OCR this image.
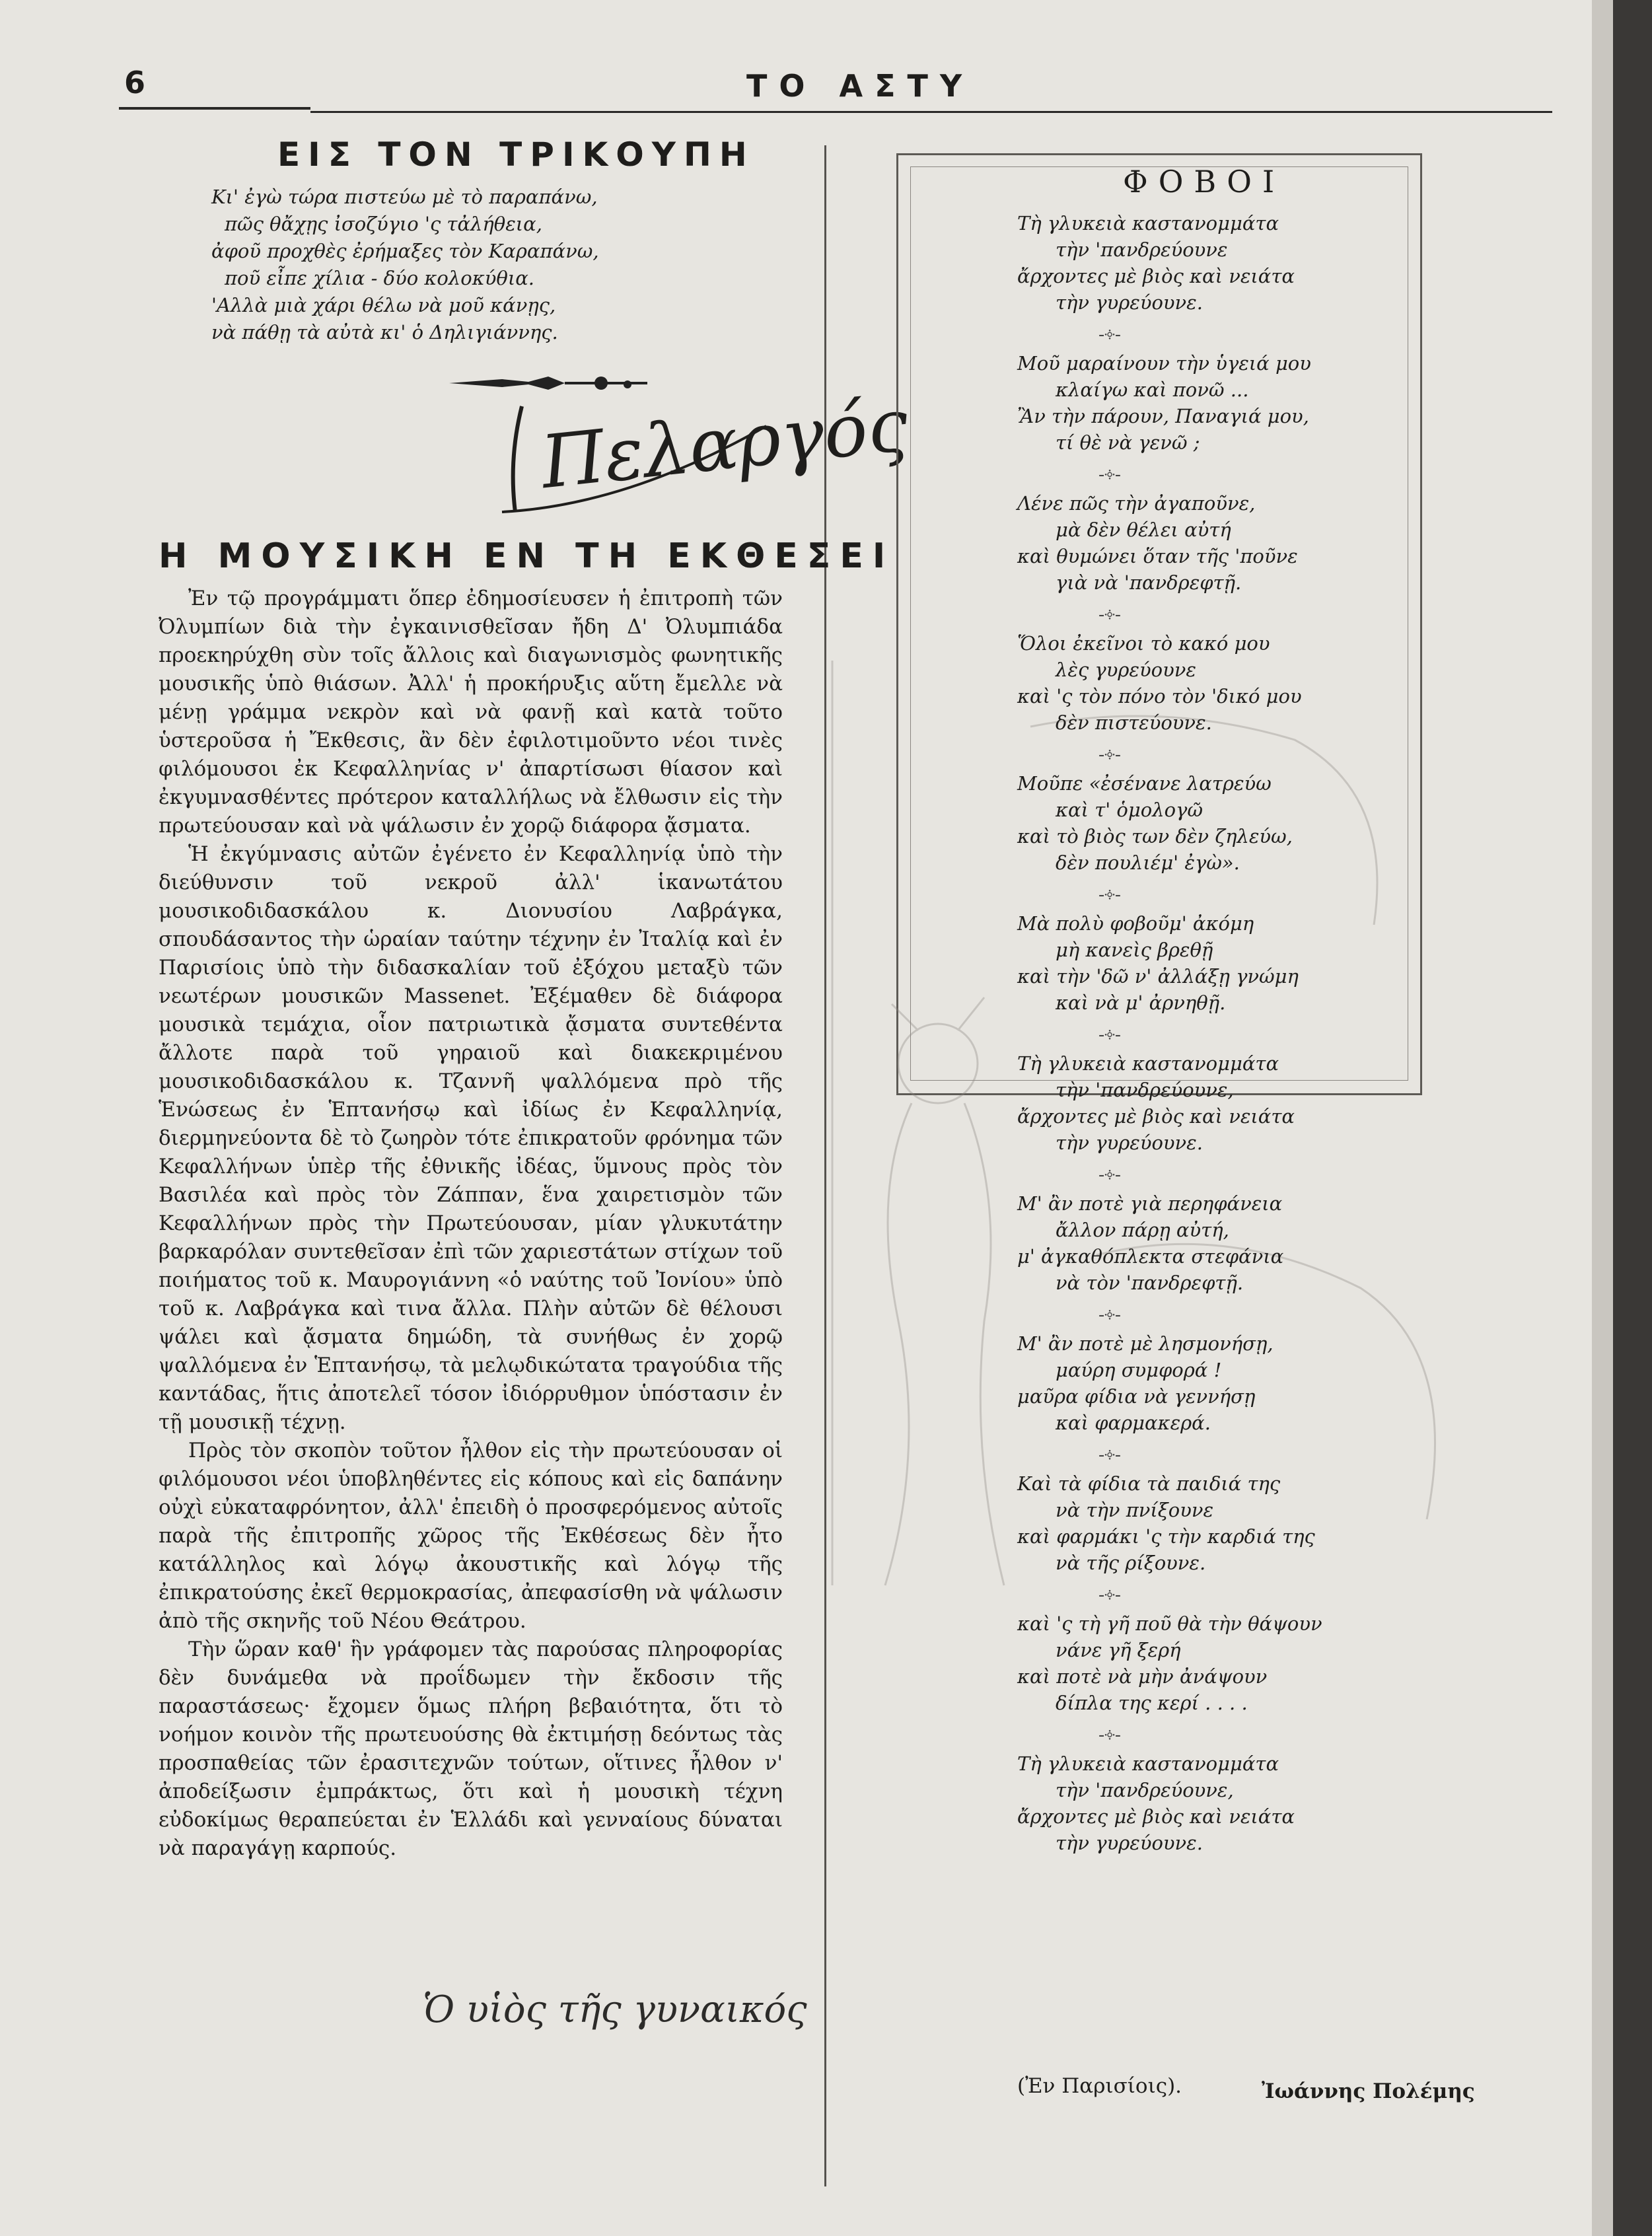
6	ΤΟ ΑΣΤΥ
ΕΙΣ ΤΟΝ ΤΡΙΚΟΥΠΗ
Κι' ἐγὼ τώρα πιστεύω μὲ τὸ παραπάνω,
πῶς θἄχῃς ἰσοζύγιο 'ς τἀλήθεια,
ἀφοῦ προχθὲς ἐρήμαξες τὸν Καραπάνω,
ποῦ εἶπε χίλια - δύο κολοκύθια.
'Αλλὰ μιὰ χάρι θέλω νὰ μοῦ κάνῃς,
νὰ πάθῃ τὰ αὐτὰ κι' ὁ Δηλιγιάννης.
Πελαργός
Η ΜΟΥΣΙΚΗ ΕΝ ΤΗ ΕΚΘΕΣΕΙ

Ἐν τῷ προγράμματι ὅπερ ἐδημοσίευσεν ἡ ἐπιτροπὴ τῶν Ὀλυμπίων διὰ τὴν ἐγκαινισθεῖσαν ἤδη Δ' Ὀλυμπιάδα προεκηρύχθη σὺν τοῖς ἄλλοις καὶ διαγωνισμὸς φωνητικῆς μουσικῆς ὑπὸ θιάσων. Ἀλλ' ἡ προκήρυξις αὕτη ἔμελλε νὰ μένῃ γράμμα νεκρὸν καὶ νὰ φανῇ καὶ κατὰ τοῦτο ὑστεροῦσα ἡ Ἔκθεσις, ἂν δὲν ἐφιλοτιμοῦντο νέοι τινὲς φιλόμουσοι ἐκ Κεφαλληνίας ν' ἀπαρτίσωσι θίασον καὶ ἐκγυμνασθέντες πρότερον καταλλήλως νὰ ἔλθωσιν εἰς τὴν πρωτεύουσαν καὶ νὰ ψάλωσιν ἐν χορῷ διάφορα ᾄσματα.

Ἡ ἐκγύμνασις αὐτῶν ἐγένετο ἐν Κεφαλληνίᾳ ὑπὸ τὴν διεύθυνσιν τοῦ νεκροῦ ἀλλ' ἱκανωτάτου μουσικοδιδασκάλου κ. Διονυσίου Λαβράγκα, σπουδάσαντος τὴν ὡραίαν ταύτην τέχνην ἐν Ἰταλίᾳ καὶ ἐν Παρισίοις ὑπὸ τὴν διδασκαλίαν τοῦ ἐξόχου μεταξὺ τῶν νεωτέρων μουσικῶν Massenet. Ἐξέμαθεν δὲ διάφορα μουσικὰ τεμάχια, οἷον πατριωτικὰ ᾄσματα συντεθέντα ἄλλοτε παρὰ τοῦ γηραιοῦ καὶ διακεκριμένου μουσικοδιδασκάλου κ. Τζαννῆ ψαλλόμενα πρὸ τῆς Ἑνώσεως ἐν Ἑπτανήσῳ καὶ ἰδίως ἐν Κεφαλληνίᾳ, διερμηνεύοντα δὲ τὸ ζωηρὸν τότε ἐπικρατοῦν φρόνημα τῶν Κεφαλλήνων ὑπὲρ τῆς ἐθνικῆς ἰδέας, ὕμνους πρὸς τὸν Βασιλέα καὶ πρὸς τὸν Ζάππαν, ἕνα χαιρετισμὸν τῶν Κεφαλλήνων πρὸς τὴν Πρωτεύουσαν, μίαν γλυκυτάτην βαρκαρόλαν συντεθεῖσαν ἐπὶ τῶν χαριεστάτων στίχων τοῦ ποιήματος τοῦ κ. Μαυρογιάννη «ὁ ναύτης τοῦ Ἰονίου» ὑπὸ τοῦ κ. Λαβράγκα καὶ τινα ἄλλα. Πλὴν αὐτῶν δὲ θέλουσι ψάλει καὶ ᾄσματα δημώδη, τὰ συνήθως ἐν χορῷ ψαλλόμενα ἐν Ἑπτανήσῳ, τὰ μελῳδικώτατα τραγούδια τῆς καντάδας, ἥτις ἀποτελεῖ τόσον ἰδιόρρυθμον ὑπόστασιν ἐν τῇ μουσικῇ τέχνῃ.

Πρὸς τὸν σκοπὸν τοῦτον ἦλθον εἰς τὴν πρωτεύουσαν οἱ φιλόμουσοι νέοι ὑποβληθέντες εἰς κόπους καὶ εἰς δαπάνην οὐχὶ εὐκαταφρόνητον, ἀλλ' ἐπειδὴ ὁ προσφερόμενος αὐτοῖς παρὰ τῆς ἐπιτροπῆς χῶρος τῆς Ἐκθέσεως δὲν ἦτο κατάλληλος καὶ λόγῳ ἀκουστικῆς καὶ λόγῳ τῆς ἐπικρατούσης ἐκεῖ θερμοκρασίας, ἀπεφασίσθη νὰ ψάλωσιν ἀπὸ τῆς σκηνῆς τοῦ Νέου Θεάτρου.

Τὴν ὥραν καθ' ἣν γράφομεν τὰς παρούσας πληροφορίας δὲν δυνάμεθα νὰ προΐδωμεν τὴν ἔκδοσιν τῆς παραστάσεως· ἔχομεν ὅμως πλήρη βεβαιότητα, ὅτι τὸ νοήμον κοινὸν τῆς πρωτευούσης θὰ ἐκτιμήσῃ δεόντως τὰς προσπαθείας τῶν ἐρασιτεχνῶν τούτων, οἵτινες ἦλθον ν' ἀποδείξωσιν ἐμπράκτως, ὅτι καὶ ἡ μουσικὴ τέχνη εὐδοκίμως θεραπεύεται ἐν Ἑλλάδι καὶ γενναίους δύναται νὰ παραγάγῃ καρπούς.

Ὁ υἱὸς τῆς γυναικός
ΦΟΒΟΙ
Τὴ γλυκειὰ καστανομμάτα
τὴν 'πανδρεύουνε
ἄρχοντες μὲ βιὸς καὶ νειάτα
τὴν γυρεύουνε.
-༓-
Μοῦ μαραίνουν τὴν ὑγειά μου
κλαίγω καὶ πονῶ ...
Ἂν τὴν πάρουν, Παναγιά μου,
τί θὲ νὰ γενῶ ;
-༓-
Λένε πῶς τὴν ἀγαποῦνε,
μὰ δὲν θέλει αὐτή
καὶ θυμώνει ὅταν τῆς 'ποῦνε
γιὰ νὰ 'πανδρεφτῇ.
-༓-
Ὅλοι ἐκεῖνοι τὸ κακό μου
λὲς γυρεύουνε
καὶ 'ς τὸν πόνο τὸν 'δικό μου
δὲν πιστεύουνε.
-༓-
Μοῦπε «ἐσένανε λατρεύω
καὶ τ' ὁμολογῶ
καὶ τὸ βιὸς των δὲν ζηλεύω,
δὲν πουλιέμ' ἐγὼ».
-༓-
Μὰ πολὺ φοβοῦμ' ἀκόμη
μὴ κανεὶς βρεθῇ
καὶ τὴν 'δῶ ν' ἀλλάξῃ γνώμη
καὶ νὰ μ' ἀρνηθῇ.
-༓-
Τὴ γλυκειὰ καστανομμάτα
τὴν 'πανδρεύουνε,
ἄρχοντες μὲ βιὸς καὶ νειάτα
τὴν γυρεύουνε.
-༓-
Μ' ἂν ποτὲ γιὰ περηφάνεια
ἄλλον πάρῃ αὐτή,
μ' ἀγκαθόπλεκτα στεφάνια
νὰ τὸν 'πανδρεφτῇ.
-༓-
Μ' ἂν ποτὲ μὲ λησμονήσῃ,
μαύρη συμφορά !
μαῦρα φίδια νὰ γεννήσῃ
καὶ φαρμακερά.
-༓-
Καὶ τὰ φίδια τὰ παιδιά της
νὰ τὴν πνίξουνε
καὶ φαρμάκι 'ς τὴν καρδιά της
νὰ τῆς ρίξουνε.
-༓-
καὶ 'ς τὴ γῆ ποῦ θὰ τὴν θάψουν
νάνε γῆ ξερή
καὶ ποτὲ νὰ μὴν ἀνάψουν
δίπλα της κερί . . . .
-༓-
Τὴ γλυκειὰ καστανομμάτα
τὴν 'πανδρεύουνε,
ἄρχοντες μὲ βιὸς καὶ νειάτα
τὴν γυρεύουνε.
(Ἐν Παρισίοις).	Ἰωάννης Πολέμης
